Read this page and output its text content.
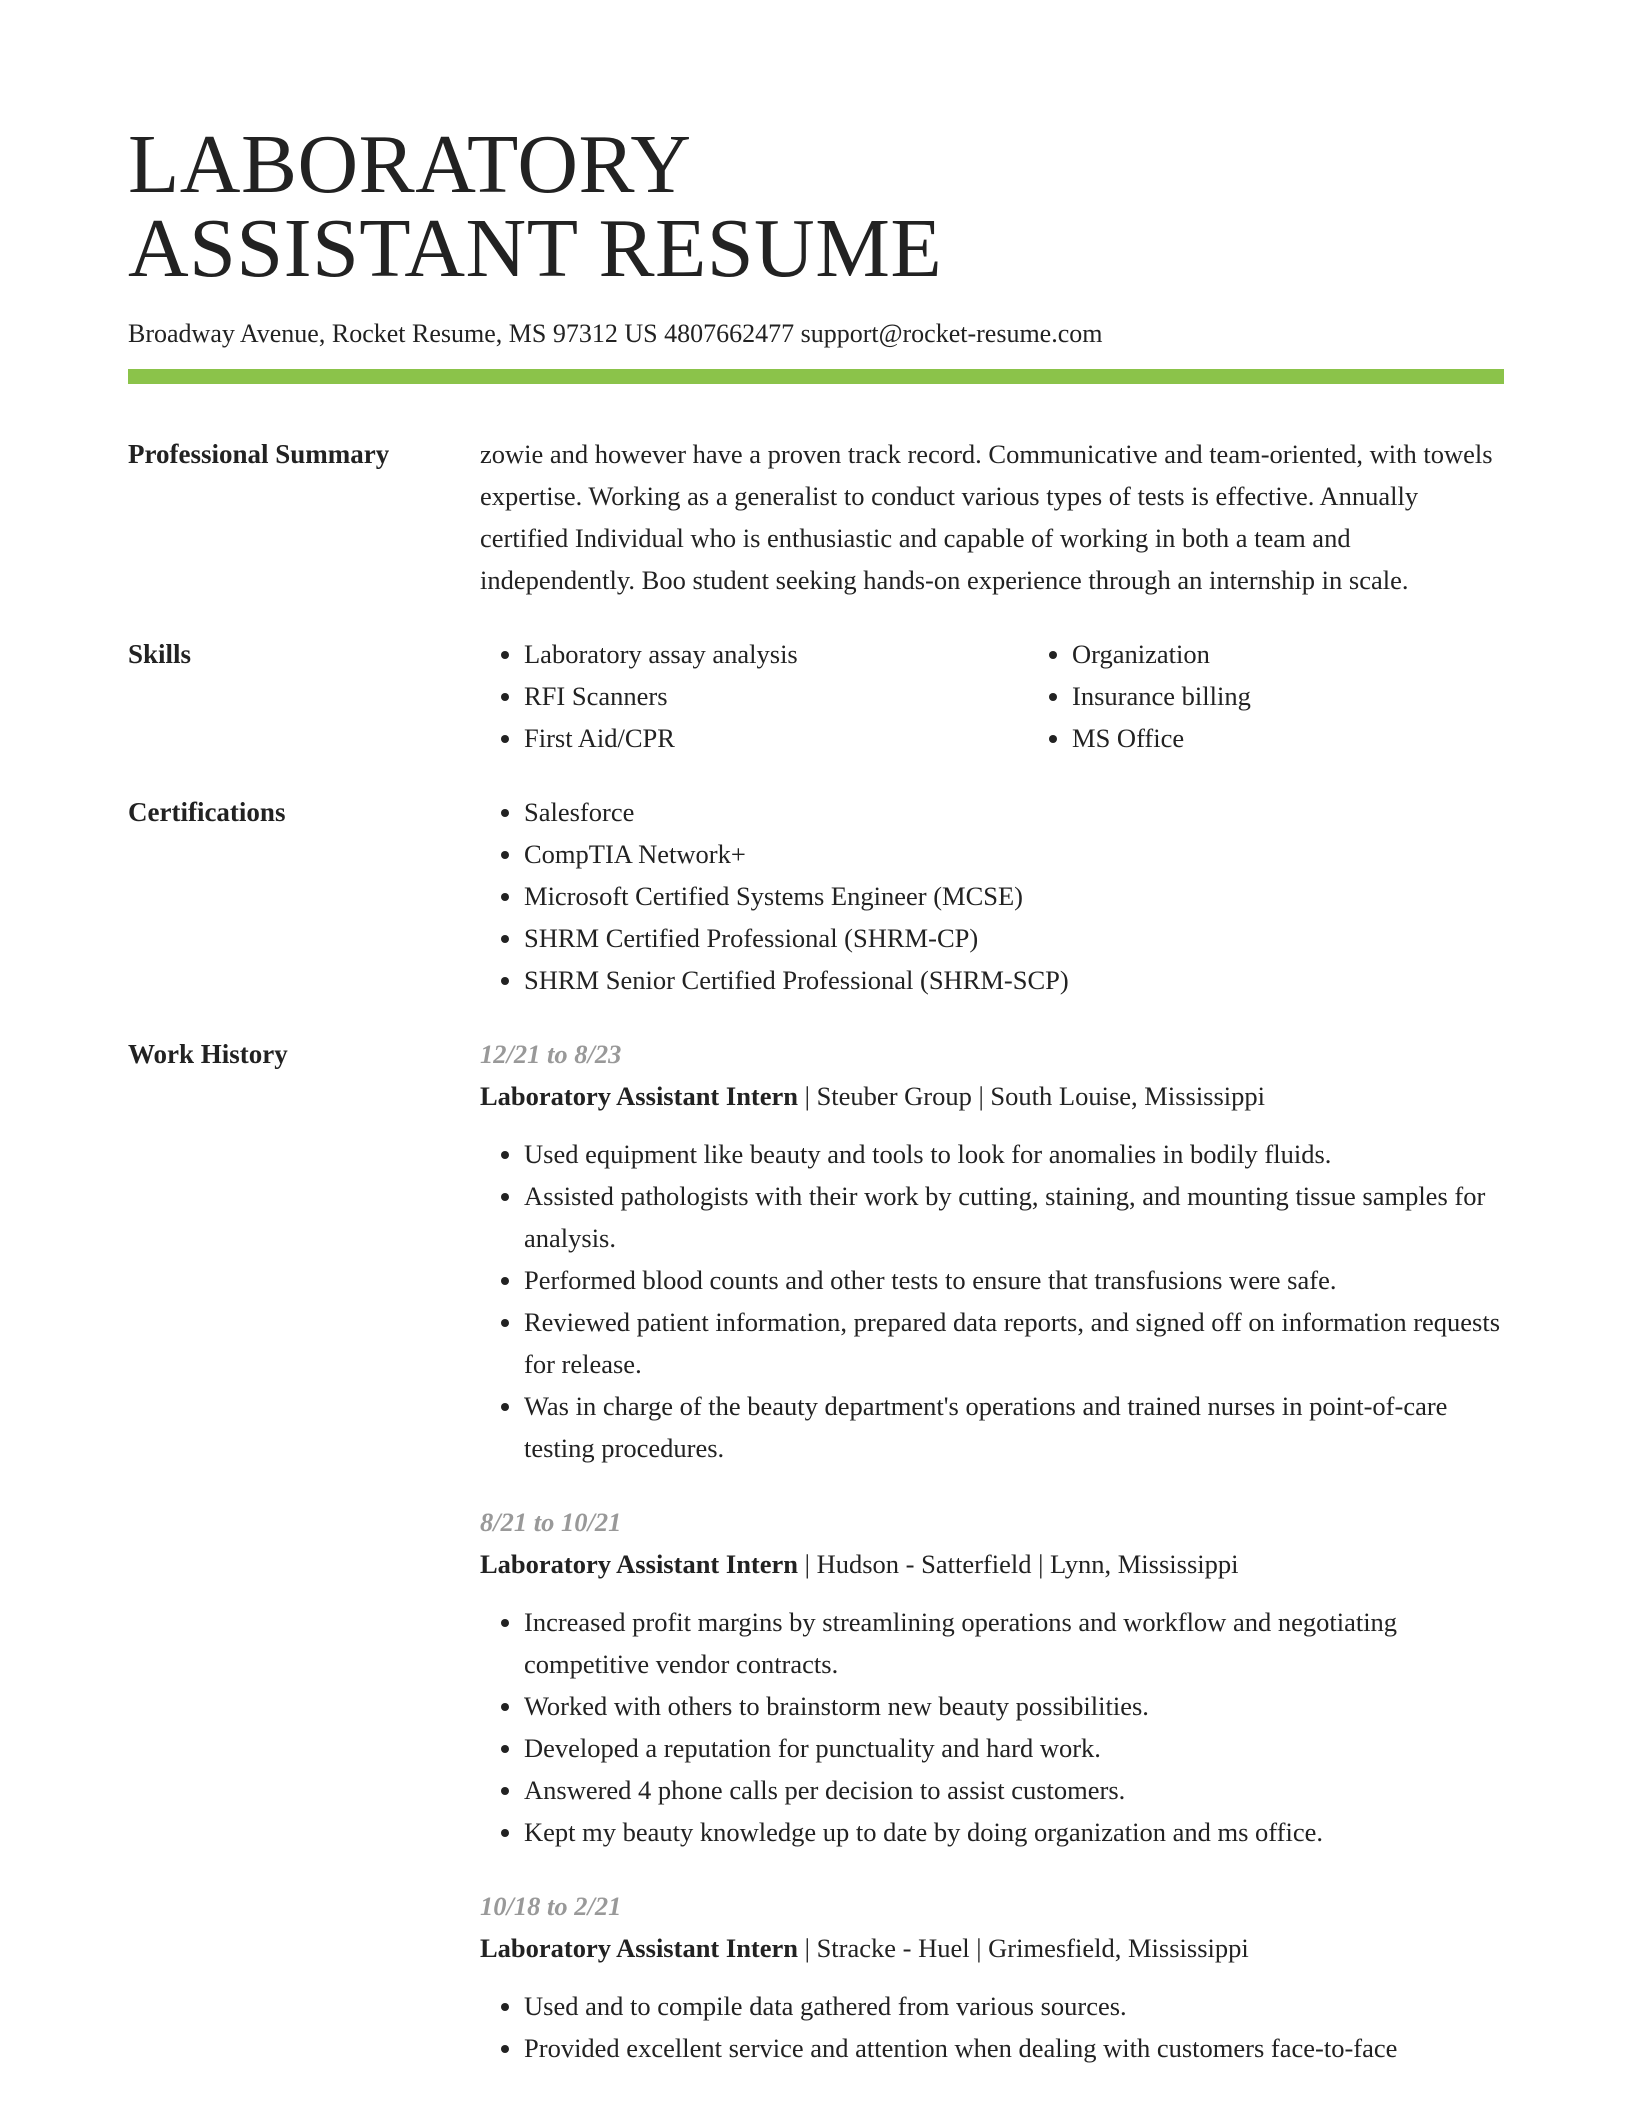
LABORATORY
ASSISTANT RESUME
Broadway Avenue, Rocket Resume, MS 97312 US 4807662477 support@rocket-resume.com
Professional Summary	zowie and however have a proven track record. Communicative and team-oriented, with towels expertise. Working as a generalist to conduct various types of tests is effective. Annually certified Individual who is enthusiastic and capable of working in both a team and independently. Boo student seeking hands-on experience through an internship in scale.
Skills	• Laboratory assay analysis
• RFI Scanners
• First Aid/CPR
• Organization
• Insurance billing
• MS Office
Certifications	• Salesforce
• CompTIA Network+
• Microsoft Certified Systems Engineer (MCSE)
• SHRM Certified Professional (SHRM-CP)
• SHRM Senior Certified Professional (SHRM-SCP)
Work History	12/21 to 8/23
Laboratory Assistant Intern | Steuber Group | South Louise, Mississippi
• Used equipment like beauty and tools to look for anomalies in bodily fluids.
• Assisted pathologists with their work by cutting, staining, and mounting tissue samples for analysis.
• Performed blood counts and other tests to ensure that transfusions were safe.
• Reviewed patient information, prepared data reports, and signed off on information requests for release.
• Was in charge of the beauty department's operations and trained nurses in point-of-care testing procedures.
8/21 to 10/21
Laboratory Assistant Intern | Hudson - Satterfield | Lynn, Mississippi
• Increased profit margins by streamlining operations and workflow and negotiating competitive vendor contracts.
• Worked with others to brainstorm new beauty possibilities.
• Developed a reputation for punctuality and hard work.
• Answered 4 phone calls per decision to assist customers.
• Kept my beauty knowledge up to date by doing organization and ms office.
10/18 to 2/21
Laboratory Assistant Intern | Stracke - Huel | Grimesfield, Mississippi
• Used and to compile data gathered from various sources.
• Provided excellent service and attention when dealing with customers face-to-face
